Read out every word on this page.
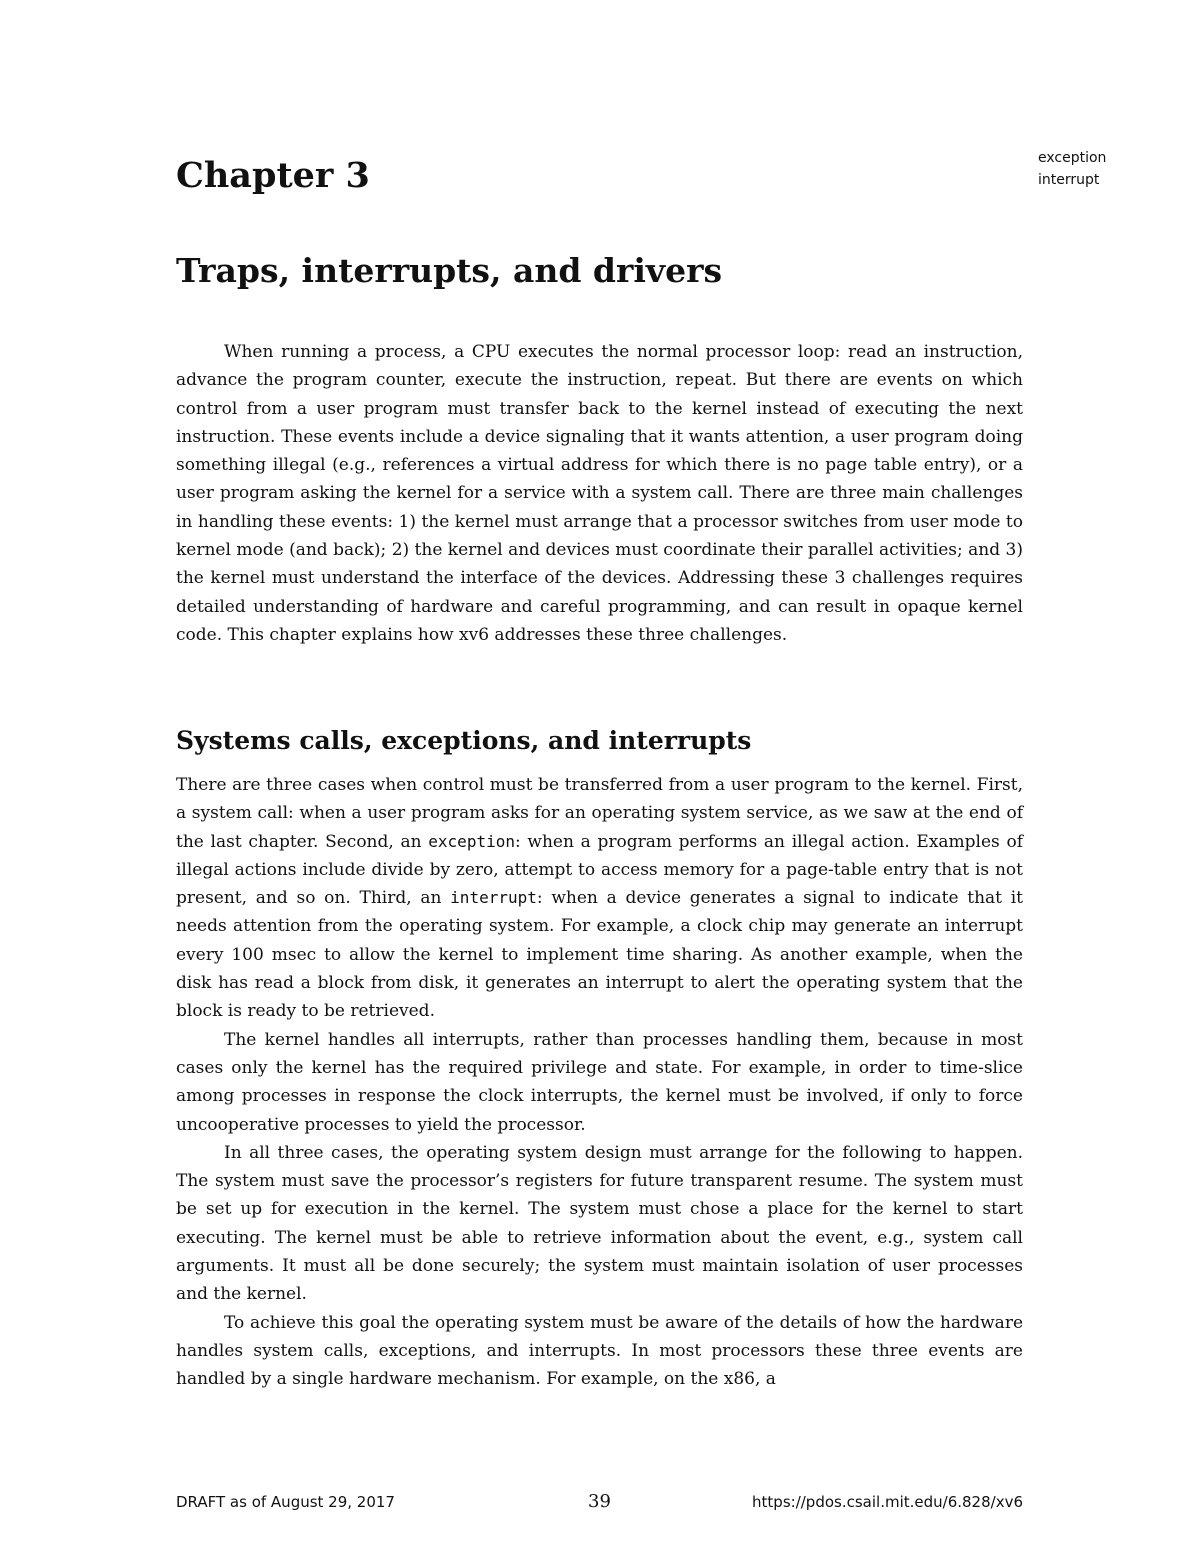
exception
interrupt
Chapter 3
Traps, interrupts, and drivers

When running a process, a CPU executes the normal processor loop: read an instruction, advance the program counter, execute the instruction, repeat. But there are events on which control from a user program must transfer back to the kernel instead of executing the next instruction. These events include a device signaling that it wants attention, a user program doing something illegal (e.g., references a virtual address for which there is no page table entry), or a user program asking the kernel for a service with a system call. There are three main challenges in handling these events: 1) the kernel must arrange that a processor switches from user mode to kernel mode (and back); 2) the kernel and devices must coordinate their parallel activities; and 3) the kernel must understand the interface of the devices. Addressing these 3 challenges requires detailed understanding of hardware and careful programming, and can result in opaque kernel code. This chapter explains how xv6 addresses these three challenges.

Systems calls, exceptions, and interrupts

There are three cases when control must be transferred from a user program to the kernel. First, a system call: when a user program asks for an operating system service, as we saw at the end of the last chapter. Second, an exception: when a program performs an illegal action. Examples of illegal actions include divide by zero, attempt to access memory for a page-table entry that is not present, and so on. Third, an interrupt: when a device generates a signal to indicate that it needs attention from the operating system. For example, a clock chip may generate an interrupt every 100 msec to allow the kernel to implement time sharing. As another example, when the disk has read a block from disk, it generates an interrupt to alert the operating system that the block is ready to be retrieved.

The kernel handles all interrupts, rather than processes handling them, because in most cases only the kernel has the required privilege and state. For example, in order to time-slice among processes in response the clock interrupts, the kernel must be involved, if only to force uncooperative processes to yield the processor.

In all three cases, the operating system design must arrange for the following to happen. The system must save the processor’s registers for future transparent resume. The system must be set up for execution in the kernel. The system must chose a place for the kernel to start executing. The kernel must be able to retrieve information about the event, e.g., system call arguments. It must all be done securely; the system must maintain isolation of user processes and the kernel.

To achieve this goal the operating system must be aware of the details of how the hardware handles system calls, exceptions, and interrupts. In most processors these three events are handled by a single hardware mechanism. For example, on the x86, a

DRAFT as of August 29, 2017	39	https://pdos.csail.mit.edu/6.828/xv6
